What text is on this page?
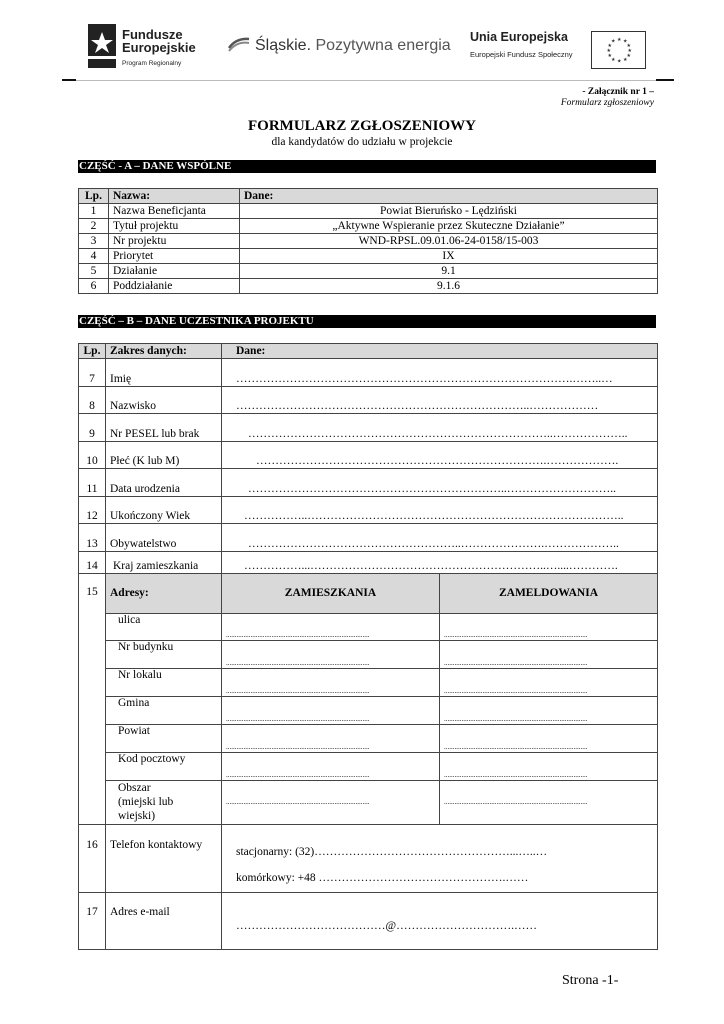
Fundusze
Europejskie
Program Regionalny
Śląskie. Pozytywna energia Unia Europejska
Europejski Fundusz Społeczny
★ ★
★
★
★
★
★
★
★
★
★
★
- Załącznik nr 1 –
Formularz zgłoszeniowy
FORMULARZ ZGŁOSZENIOWY
dla kandydatów do udziału w projekcie
CZĘŚĆ - A – DANE WSPÓLNE
Lp.	Nazwa:	Dane:
1	Nazwa Beneficjanta	Powiat Bieruńsko - Lędziński
2	Tytuł projektu	„Aktywne Wspieranie przez Skuteczne Działanie”
3	Nr projektu	WND-RPSL.09.01.06-24-0158/15-003
4	Priorytet	IX
5	Działanie	9.1
6	Poddziałanie	9.1.6
CZĘŚĆ – B – DANE UCZESTNIKA PROJEKTU
Lp.	Zakres danych:	Dane:	
7	Imię	…………………………………………………………………………….……..…	
8	Nazwisko	…………………………………………………………………..………………	
9	Nr PESEL lub brak	……………………………………………………………………..………………..	
10	Płeć (K lub M)	………………………………………………………………….……………….	
11	Data urodzenia	…………………………………………………………..………………………..	
12	Ukończony Wiek	……………..………………………………………………………………………..	
13	Obywatelstwo	………………………………………………..………………….………………..	
14	Kraj zamieszkania	……………...……………………………………………………..…....………….	
15	Adresy:	ZAMIESZKANIA	ZAMELDOWANIA
	ulica	..................................................................................	..................................................................................
	Nr budynku	..................................................................................	..................................................................................
	Nr lokalu	..................................................................................	..................................................................................
	Gmina	..................................................................................	..................................................................................
	Powiat	..................................................................................	..................................................................................
	Kod pocztowy	..................................................................................	..................................................................................

	Obszar
(miejski lub
wiejski)	..................................................................................	..................................................................................
16	Telefon kontaktowy	stacjonarny: (32)……………………………………………...…..…
komórkowy: +48 ………………………………………….……	

17	Adres e-mail	…………………………………@………………………….……	
Strona -1-
